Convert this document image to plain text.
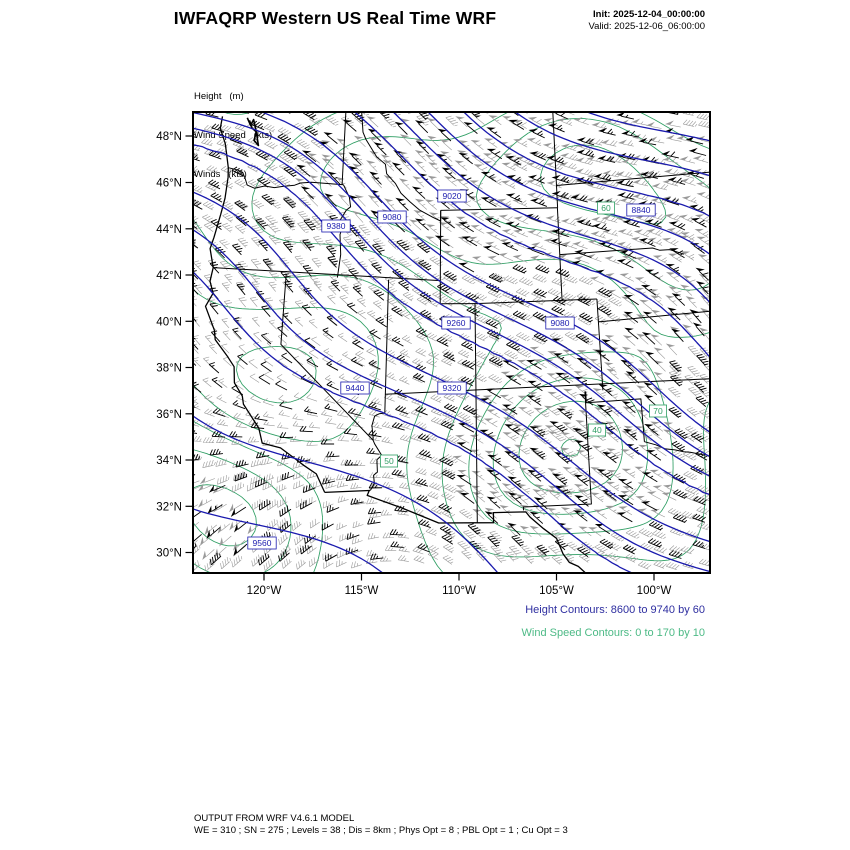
IWFAQRP Western US Real Time WRF	Init: 2025-12-04_00:00:00
Valid: 2025-12-06_06:00:00

Height   (m)

Wind Speed   (kts)

Winds   (kts)

9380
9080
9020
8840
9260	9080
9440	9320
9560
60
70
40
50
48°N
46°N
44°N
42°N
40°N
38°N
36°N
34°N
32°N
30°N
120°W	115°W	110°W	105°W	100°W
Height Contours: 8600 to 9740 by 60
Wind Speed Contours: 0 to 170 by 10
OUTPUT FROM WRF V4.6.1 MODEL
WE = 310 ; SN = 275 ; Levels = 38 ; Dis = 8km ; Phys Opt = 8 ; PBL Opt = 1 ; Cu Opt = 3
